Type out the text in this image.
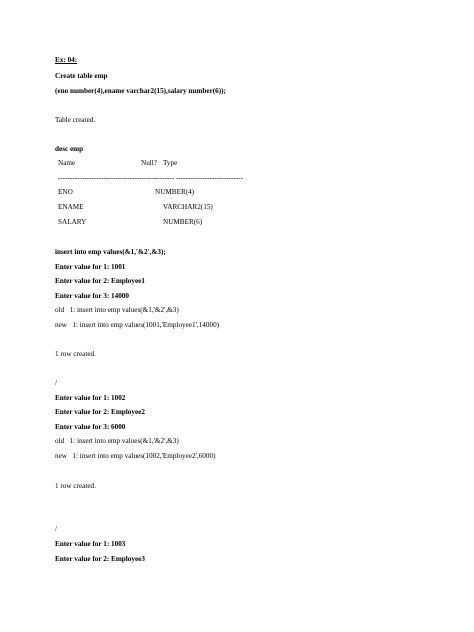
Ex: 04:
Create table emp
(eno number(4),ename varchar2(15),salary number(6));
Table created.
desc emp
Name	Null? Type
-----------------------------------------
-------- ----------------------------
ENO	NUMBER(4)
ENAME	VARCHAR2(15)
SALARY	NUMBER(6)
insert into emp values(&1,'&2',&3);
Enter value for 1: 1001
Enter value for 2: Employee1
Enter value for 3: 14000
old   1: insert into emp values(&1,'&2',&3)
new   1: insert into emp values(1001,'Employee1',14000)
1 row created.
/
Enter value for 1: 1002
Enter value for 2: Employee2
Enter value for 3: 6000
old   1: insert into emp values(&1,'&2',&3)
new   1: insert into emp values(1002,'Employee2',6000)
1 row created.
/
Enter value for 1: 1003
Enter value for 2: Employee3
